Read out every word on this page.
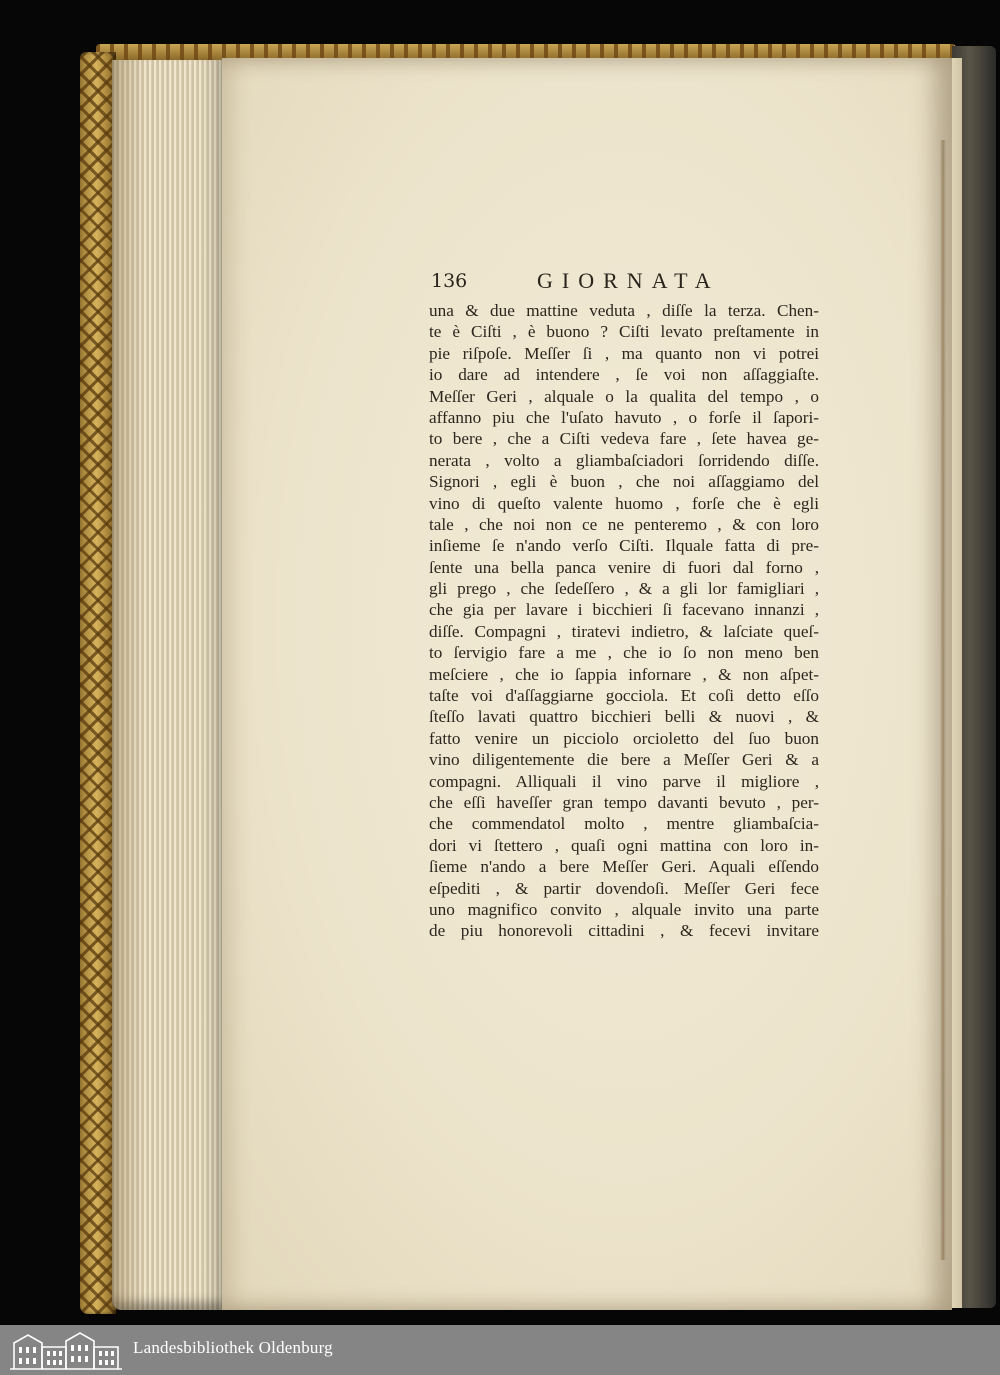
136	GIORNATA
una & due mattine veduta , diſſe la terza. Chen-
te è Ciſti , è buono ? Ciſti levato preſtamente in
pie riſpoſe. Meſſer ſi , ma quanto non vi potrei
io dare ad intendere , ſe voi non aſſaggiaſte.
Meſſer Geri , alquale o la qualita del tempo , o
affanno piu che l'uſato havuto , o forſe il ſapori-
to bere , che a Ciſti vedeva fare , ſete havea ge-
nerata , volto a gliambaſciadori ſorridendo diſſe.
Signori , egli è buon , che noi aſſaggiamo del
vino di queſto valente huomo , forſe che è egli
tale , che noi non ce ne penteremo , & con loro
inſieme ſe n'ando verſo Ciſti. Ilquale fatta di pre-
ſente una bella panca venire di fuori dal forno ,
gli prego , che ſedeſſero , & a gli lor famigliari ,
che gia per lavare i bicchieri ſi facevano innanzi ,
diſſe. Compagni , tiratevi indietro, & laſciate queſ-
to ſervigio fare a me , che io ſo non meno ben
meſciere , che io ſappia infornare , & non aſpet-
taſte voi d'aſſaggiarne gocciola. Et coſi detto eſſo
ſteſſo lavati quattro bicchieri belli & nuovi , &
fatto venire un picciolo orcioletto del ſuo buon
vino diligentemente die bere a Meſſer Geri & a
compagni. Alliquali il vino parve il migliore ,
che eſſi haveſſer gran tempo davanti bevuto , per-
che commendatol molto , mentre gliambaſcia-
dori vi ſtettero , quaſi ogni mattina con loro in-
ſieme n'ando a bere Meſſer Geri. Aquali eſſendo
eſpediti , & partir dovendoſi. Meſſer Geri fece
uno magnifico convito , alquale invito una parte
de piu honorevoli cittadini , & fecevi invitare
Landesbibliothek Oldenburg
